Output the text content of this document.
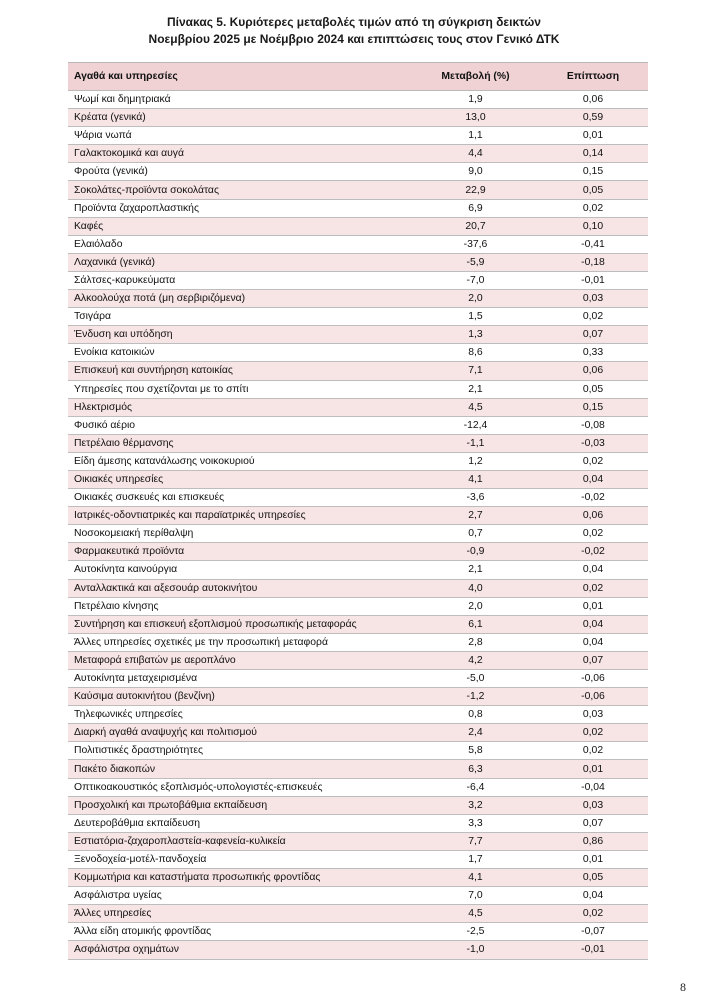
Πίνακας 5. Κυριότερες μεταβολές τιμών από τη σύγκριση δεικτών
Νοεμβρίου 2025 με Νοέμβριο 2024 και επιπτώσεις τους στον Γενικό ΔΤΚ
Αγαθά και υπηρεσίες	Μεταβολή (%)	Επίπτωση
Ψωμί και δημητριακά	1,9	0,06
Κρέατα (γενικά)	13,0	0,59
Ψάρια νωπά	1,1	0,01
Γαλακτοκομικά και αυγά	4,4	0,14
Φρούτα (γενικά)	9,0	0,15
Σοκολάτες-προϊόντα σοκολάτας	22,9	0,05
Προϊόντα ζαχαροπλαστικής	6,9	0,02
Καφές	20,7	0,10
Ελαιόλαδο	-37,6	-0,41
Λαχανικά (γενικά)	-5,9	-0,18
Σάλτσες-καρυκεύματα	-7,0	-0,01
Αλκοολούχα ποτά (μη σερβιριζόμενα)	2,0	0,03
Τσιγάρα	1,5	0,02
Ένδυση και υπόδηση	1,3	0,07
Ενοίκια κατοικιών	8,6	0,33
Επισκευή και συντήρηση κατοικίας	7,1	0,06
Υπηρεσίες που σχετίζονται με το σπίτι	2,1	0,05
Ηλεκτρισμός	4,5	0,15
Φυσικό αέριο	-12,4	-0,08
Πετρέλαιο θέρμανσης	-1,1	-0,03
Είδη άμεσης κατανάλωσης νοικοκυριού	1,2	0,02
Οικιακές υπηρεσίες	4,1	0,04
Οικιακές συσκευές και επισκευές	-3,6	-0,02
Ιατρικές-οδοντιατρικές και παραϊατρικές υπηρεσίες	2,7	0,06
Νοσοκομειακή περίθαλψη	0,7	0,02
Φαρμακευτικά προϊόντα	-0,9	-0,02
Αυτοκίνητα καινούργια	2,1	0,04
Ανταλλακτικά και αξεσουάρ αυτοκινήτου	4,0	0,02
Πετρέλαιο κίνησης	2,0	0,01
Συντήρηση και επισκευή εξοπλισμού προσωπικής μεταφοράς	6,1	0,04
Άλλες υπηρεσίες σχετικές με την προσωπική μεταφορά	2,8	0,04
Μεταφορά επιβατών με αεροπλάνο	4,2	0,07
Αυτοκίνητα μεταχειρισμένα	-5,0	-0,06
Καύσιμα αυτοκινήτου (βενζίνη)	-1,2	-0,06
Τηλεφωνικές υπηρεσίες	0,8	0,03
Διαρκή αγαθά αναψυχής και πολιτισμού	2,4	0,02
Πολιτιστικές δραστηριότητες	5,8	0,02
Πακέτο διακοπών	6,3	0,01
Οπτικοακουστικός εξοπλισμός-υπολογιστές-επισκευές	-6,4	-0,04
Προσχολική και πρωτοβάθμια εκπαίδευση	3,2	0,03
Δευτεροβάθμια εκπαίδευση	3,3	0,07
Εστιατόρια-ζαχαροπλαστεία-καφενεία-κυλικεία	7,7	0,86
Ξενοδοχεία-μοτέλ-πανδοχεία	1,7	0,01
Κομμωτήρια και καταστήματα προσωπικής φροντίδας	4,1	0,05
Ασφάλιστρα υγείας	7,0	0,04
Άλλες υπηρεσίες	4,5	0,02
Άλλα είδη ατομικής φροντίδας	-2,5	-0,07
Ασφάλιστρα οχημάτων	-1,0	-0,01
8
